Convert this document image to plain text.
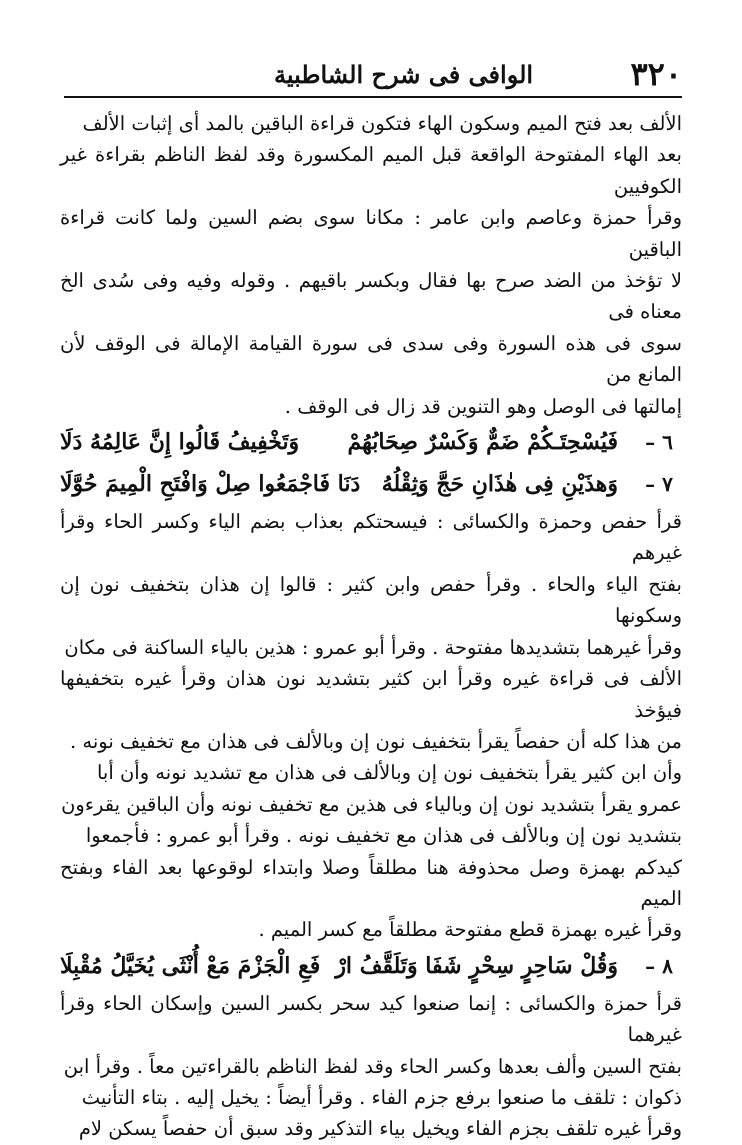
٣٢٠
الوافى فى شرح الشاطبية

الألف بعد فتح الميم وسكون الهاء فتكون قراءة الباقين بالمد أى إثبات الألف

بعد الهاء المفتوحة الواقعة قبل الميم المكسورة وقد لفظ الناظم بقراءة غير الكوفيين

وقرأ حمزة وعاصم وابن عامر : مكانا سوى بضم السين ولما كانت قراءة الباقين

لا تؤخذ من الضد صرح بها فقال وبكسر باقيهم . وقوله وفيه وفى سُدى الخ معناه فى

سوى فى هذه السورة وفى سدى فى سورة القيامة الإمالة فى الوقف لأن المانع من

إمالتها فى الوصل وهو التنوين قد زال فى الوقف .

٦ –
فَيُسْحِتَـكُمْ ضَمٌّ وَكَسْرٌ صِحَابُهُمْ
وَتَخْفِيفُ قَالُوا إِنَّ عَالِمُهُ دَلَا
٧ –
وَهذَيْنِ فِى هٰذَانِ حَجَّ وَثِقْلُهُ
دَنَا فَاجْمَعُوا صِلْ وَافْتَحِ الْمِيمَ حُوَّلَا

قرأ حفص وحمزة والكسائى : فيسحتكم بعذاب بضم الياء وكسر الحاء وقرأ غيرهم

بفتح الياء والحاء . وقرأ حفص وابن كثير : قالوا إن هذان بتخفيف نون إن وسكونها

وقرأ غيرهما بتشديدها مفتوحة . وقرأ أبو عمرو : هذين بالياء الساكنة فى مكان

الألف فى قراءة غيره وقرأ ابن كثير بتشديد نون هذان وقرأ غيره بتخفيفها فيؤخذ

من هذا كله أن حفصاً يقرأ بتخفيف نون إن وبالألف فى هذان مع تخفيف نونه .

وأن ابن كثير يقرأ بتخفيف نون إن وبالألف فى هذان مع تشديد نونه وأن أبا

عمرو يقرأ بتشديد نون إن وبالياء فى هذين مع تخفيف نونه وأن الباقين يقرءون

بتشديد نون إن وبالألف فى هذان مع تخفيف نونه . وقرأ أبو عمرو : فأجمعوا

كيدكم بهمزة وصل محذوفة هنا مطلقاً وصلا وابتداء لوقوعها بعد الفاء وبفتح الميم

وقرأ غيره بهمزة قطع مفتوحة مطلقاً مع كسر الميم .

٨ –
وَقُلْ سَاحِرٍ سِحْرٍ شَفَا وَتَلَقَّفُ ارْ
فَعِ الْجَزْمَ مَعْ أُنْثَى يُخَيَّلُ مُقْبِلَا

قرأ حمزة والكسائى : إنما صنعوا كيد سحر بكسر السين وإسكان الحاء وقرأ غيرهما

بفتح السين وألف بعدها وكسر الحاء وقد لفظ الناظم بالقراءتين معاً . وقرأ ابن

ذكوان : تلقف ما صنعوا برفع جزم الفاء . وقرأ أيضاً : يخيل إليه . بتاء التأنيث

وقرأ غيره تلقف بجزم الفاء ويخيل بياء التذكير وقد سبق أن حفصاً يسكن لام
